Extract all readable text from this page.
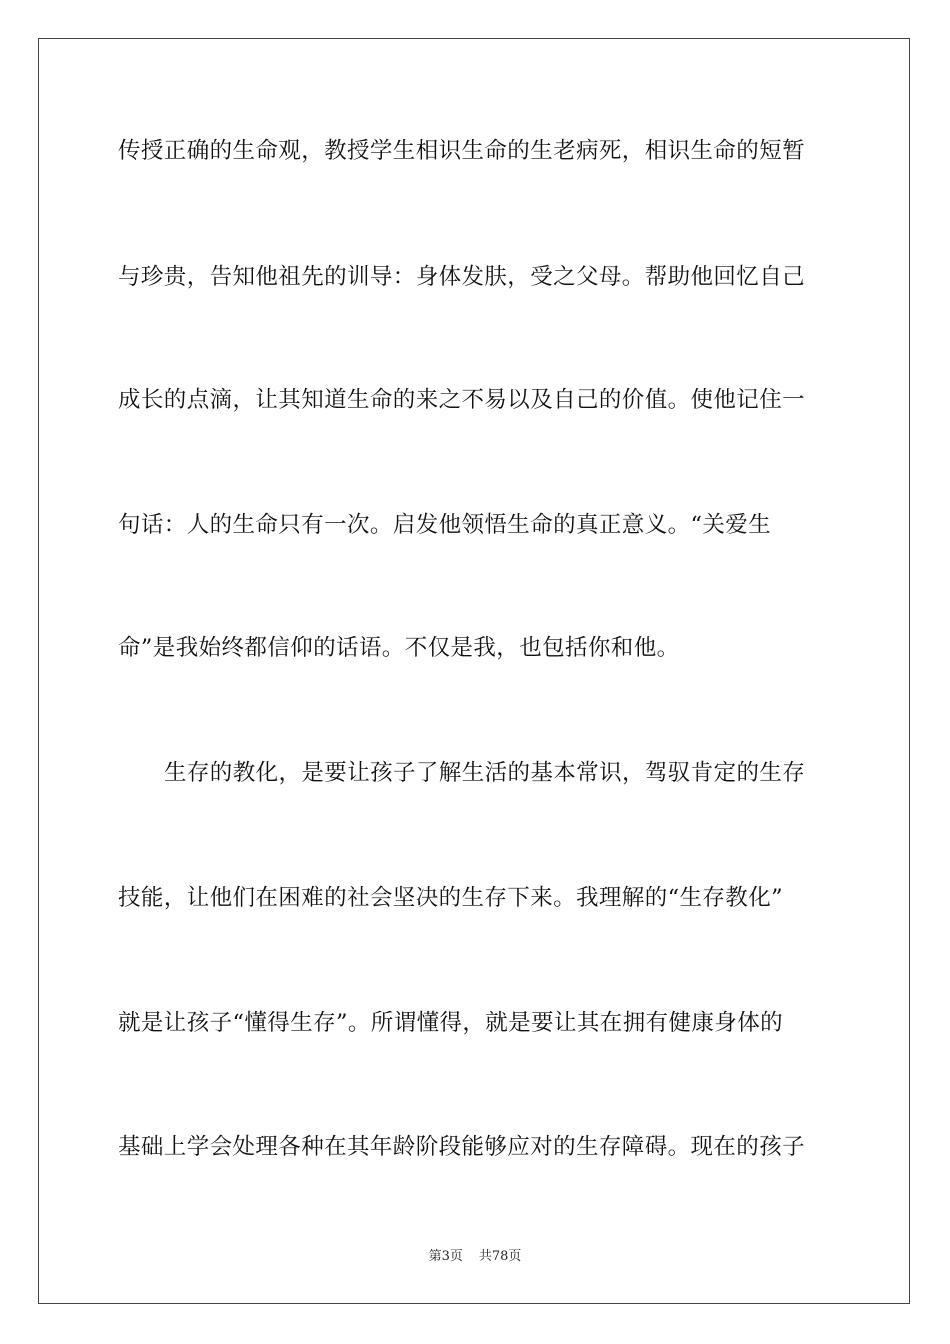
传授正确的生命观，教授学生相识生命的生老病死，相识生命的短暂
与珍贵，告知他祖先的训导：身体发肤，受之父母。帮助他回忆自己
成长的点滴，让其知道生命的来之不易以及自己的价值。使他记住一
句话：人的生命只有一次。启发他领悟生命的真正意义。“关爱生
命”是我始终都信仰的话语。不仅是我，也包括你和他。
生存的教化，是要让孩子了解生活的基本常识，驾驭肯定的生存
技能，让他们在困难的社会坚决的生存下来。我理解的“生存教化”
就是让孩子“懂得生存”。所谓懂得，就是要让其在拥有健康身体的
基础上学会处理各种在其年龄阶段能够应对的生存障碍。现在的孩子
第3页 共78页
